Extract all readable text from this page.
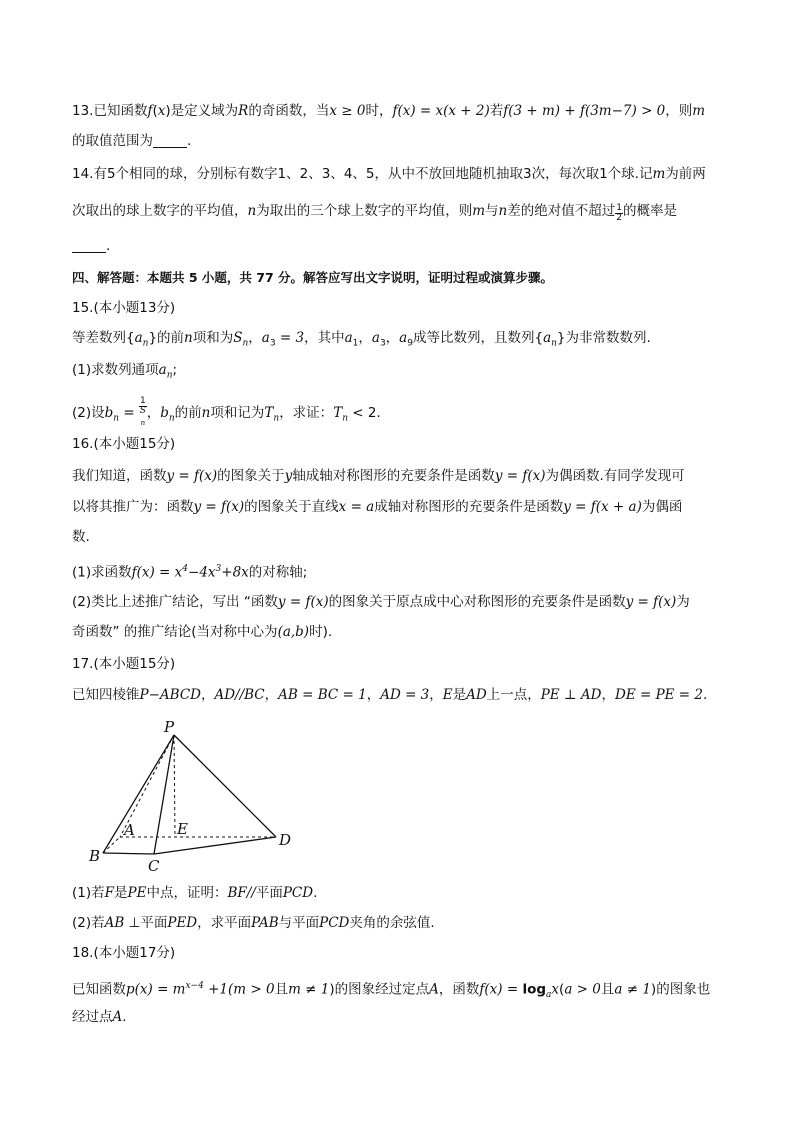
13.已知函数f(x)是定义域为R的奇函数，当x ≥ 0时，f(x) = x(x + 2)若f(3 + m) + f(3m−7) > 0，则m
的取值范围为	.
14.有5个相同的球，分别标有数字1、2、3、4、5，从中不放回地随机抽取3次，每次取1个球.记m为前两
次取出的球上数字的平均值，n为取出的三个球上数字的平均值，则m与n差的绝对值不超过 $\frac{1}{2}$ 的概率是
.
四、解答题：本题共 5 小题，共 77 分。解答应写出文字说明，证明过程或演算步骤。
15.(本小题13分)
等差数列$\{a_n\}$的前n项和为$S_n$，$a_3 = 3$，其中$a_1$，$a_3$，$a_9$成等比数列，且数列$\{a_n\}$为非常数数列.
(1)求数列通项$a_n$;
(2)设$b_n = 1$
S
$_n$ ，$b_n$的前n项和记为$T_n$，求证：$T_n < 2$.
16.(本小题15分)
我们知道，函数y = f(x)的图象关于y轴成轴对称图形的充要条件是函数y = f(x)为偶函数.有同学发现可
以将其推广为：函数y = f(x)的图象关于直线x = a成轴对称图形的充要条件是函数y = f(x + a)为偶函
数.
(1)求函数$f(x) = x^4-4x^3+8x$的对称轴;
(2)类比上述推广结论，写出 “函数y = f(x)的图象关于原点成中心对称图形的充要条件是函数y = f(x)为
奇函数” 的推广结论(当对称中心为(a,b)时).
17.(本小题15分)
已知四棱锥P−ABCD，AD//BC，AB = BC = 1，AD = 3，E是AD上一点，PE ⊥ AD，DE = PE = 2.
P
A	E
D
B
C
(1)若F是PE中点，证明：BF//平面PCD.
(2)若AB ⊥平面PED，求平面PAB与平面PCD夹角的余弦值.
18.(本小题17分)
已知函数$p(x) = m^{x-4} +1(m > 0$且m ≠ 1)的图象经过定点A，函数$f(x) = \log_ax(a > 0$且a ≠ 1)的图象也
经过点A.
